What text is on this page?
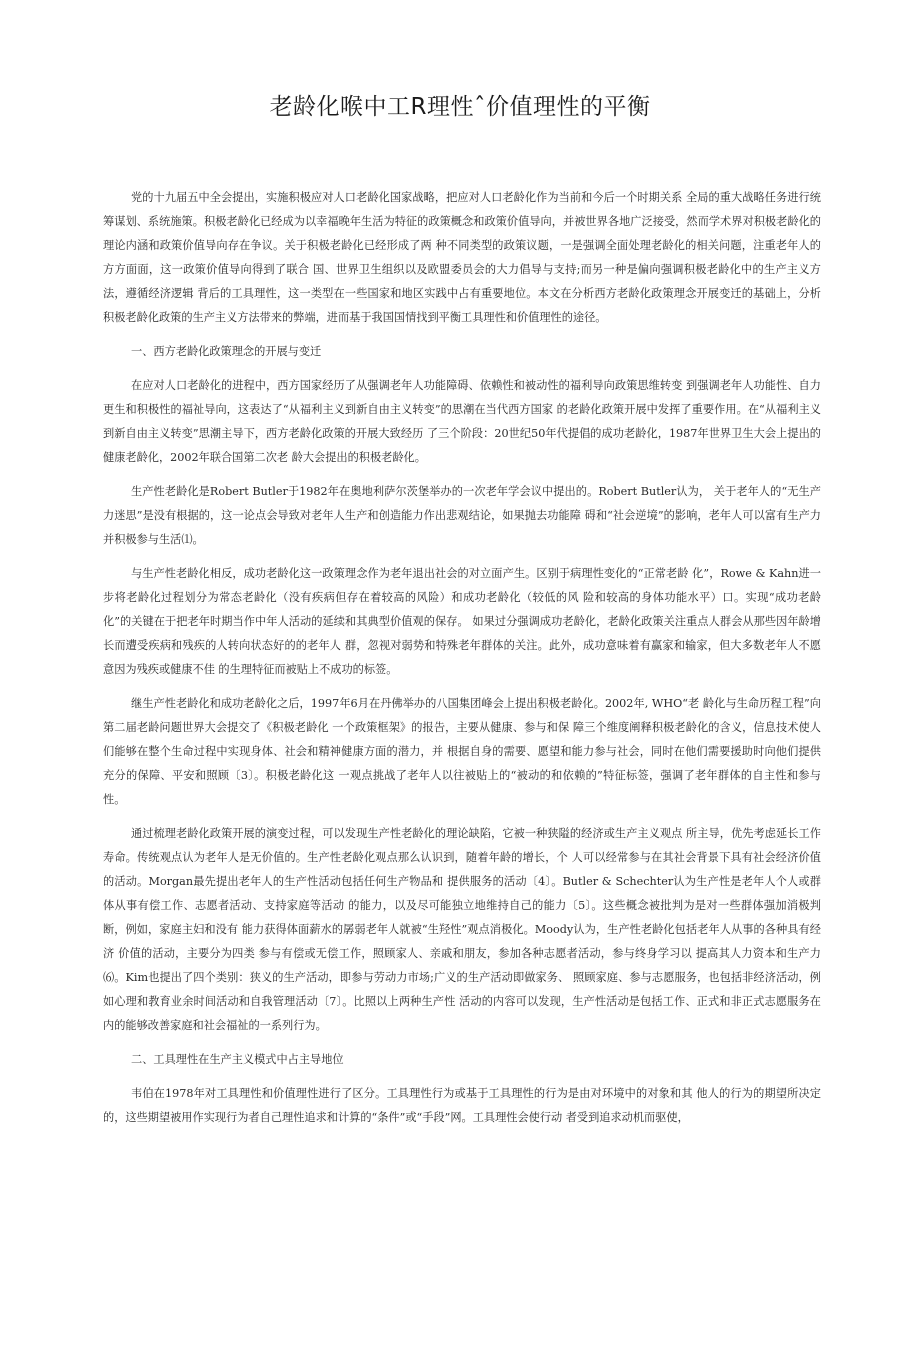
老龄化喉中工R理性ˆ价值理性的平衡

党的十九届五中全会提出，实施积极应对人口老龄化国家战略，把应对人口老龄化作为当前和今后一个时期关系 全局的重大战略任务进行统筹谋划、系统施策。积极老龄化已经成为以幸福晚年生活为特征的政策概念和政策价值导向，并被世界各地广泛接受，然而学术界对积极老龄化的理论内涵和政策价值导向存在争议。关于积极老龄化已经形成了两 种不同类型的政策议题，一是强调全面处理老龄化的相关问题，注重老年人的方方面面，这一政策价值导向得到了联合 国、世界卫生组织以及欧盟委员会的大力倡导与支持;而另一种是偏向强调积极老龄化中的生产主义方法，遵循经济逻辑 背后的工具理性，这一类型在一些国家和地区实践中占有重要地位。本文在分析西方老龄化政策理念开展变迁的基础上，分析积极老龄化政策的生产主义方法带来的弊端，进而基于我国国情找到平衡工具理性和价值理性的途径。

一、西方老龄化政策理念的开展与变迁

在应对人口老龄化的进程中，西方国家经历了从强调老年人功能障碍、依赖性和被动性的福利导向政策思维转变 到强调老年人功能性、自力更生和积极性的福祉导向，这表达了“从福利主义到新自由主义转变”的思潮在当代西方国家 的老龄化政策开展中发挥了重要作用。在“从福利主义到新自由主义转变”思潮主导下，西方老龄化政策的开展大致经历 了三个阶段：20世纪50年代提倡的成功老龄化，1987年世界卫生大会上提出的健康老龄化，2002年联合国第二次老 龄大会提出的积极老龄化。

生产性老龄化是Robert Butler于1982年在奥地利萨尔茨堡举办的一次老年学会议中提出的。Robert Butler认为， 关于老年人的“无生产力迷思”是没有根据的，这一论点会导致对老年人生产和创造能力作出悲观结论，如果抛去功能障 碍和“社会逆境”的影响，老年人可以富有生产力并积极参与生活⑴。

与生产性老龄化相反，成功老龄化这一政策理念作为老年退出社会的对立面产生。区别于病理性变化的“正常老龄 化”，Rowe & Kahn进一步将老龄化过程划分为常态老龄化（没有疾病但存在着较高的风险）和成功老龄化（较低的风 险和较高的身体功能水平）口。实现“成功老龄化”的关键在于把老年时期当作中年人活动的延续和其典型价值观的保存。 如果过分强调成功老龄化，老龄化政策关注重点人群会从那些因年龄增长而遭受疾病和残疾的人转向状态好的的老年人 群，忽视对弱势和特殊老年群体的关注。此外，成功意味着有赢家和输家，但大多数老年人不愿意因为残疾或健康不佳 的生理特征而被贴上不成功的标签。

继生产性老龄化和成功老龄化之后，1997年6月在丹佛举办的八国集团峰会上提出积极老龄化。2002年, WHO“老 龄化与生命历程工程”向第二届老龄问题世界大会提交了《积极老龄化 一个政策框架》的报告，主要从健康、参与和保 障三个维度阐释积极老龄化的含义，信息技术使人们能够在整个生命过程中实现身体、社会和精神健康方面的潜力，并 根据自身的需要、愿望和能力参与社会，同时在他们需要援助时向他们提供充分的保障、平安和照顾〔3〕。积极老龄化这 一观点挑战了老年人以往被贴上的“被动的和依赖的”特征标签，强调了老年群体的自主性和参与性。

通过梳理老龄化政策开展的演变过程，可以发现生产性老龄化的理论缺陷，它被一种狭隘的经济或生产主义观点 所主导，优先考虑延长工作寿命。传统观点认为老年人是无价值的。生产性老龄化观点那么认识到，随着年龄的增长，个 人可以经常参与在其社会背景下具有社会经济价值的活动。Morgan最先提出老年人的生产性活动包括任何生产物品和 提供服务的活动〔4〕。Butler & Schechter认为生产性是老年人个人或群体从事有偿工作、志愿者活动、支持家庭等活动 的能力，以及尽可能独立地维持自己的能力〔5〕。这些概念被批判为是对一些群体强加消极判断，例如，家庭主妇和没有 能力获得体面薪水的孱弱老年人就被“生羟性”观点消极化。Moody认为，生产性老龄化包括老年人从事的各种具有经济 价值的活动，主要分为四类 参与有偿或无偿工作，照顾家人、亲戚和朋友，参加各种志愿者活动，参与终身学习以 提高其人力资本和生产力⑹。Kim也提出了四个类别：狭义的生产活动，即参与劳动力市场;广义的生产活动即做家务、 照顾家庭、参与志愿服务，也包括非经济活动，例如心理和教育业余时间活动和自我管理活动〔7〕。比照以上两种生产性 活动的内容可以发现，生产性活动是包括工作、正式和非正式志愿服务在内的能够改善家庭和社会福祉的一系列行为。

二、工具理性在生产主义模式中占主导地位

韦伯在1978年对工具理性和价值理性进行了区分。工具理性行为或基于工具理性的行为是由对环境中的对象和其 他人的行为的期望所决定的，这些期望被用作实现行为者自己理性追求和计算的“条件”或“手段”网。工具理性会使行动 者受到追求动机而驱使，
